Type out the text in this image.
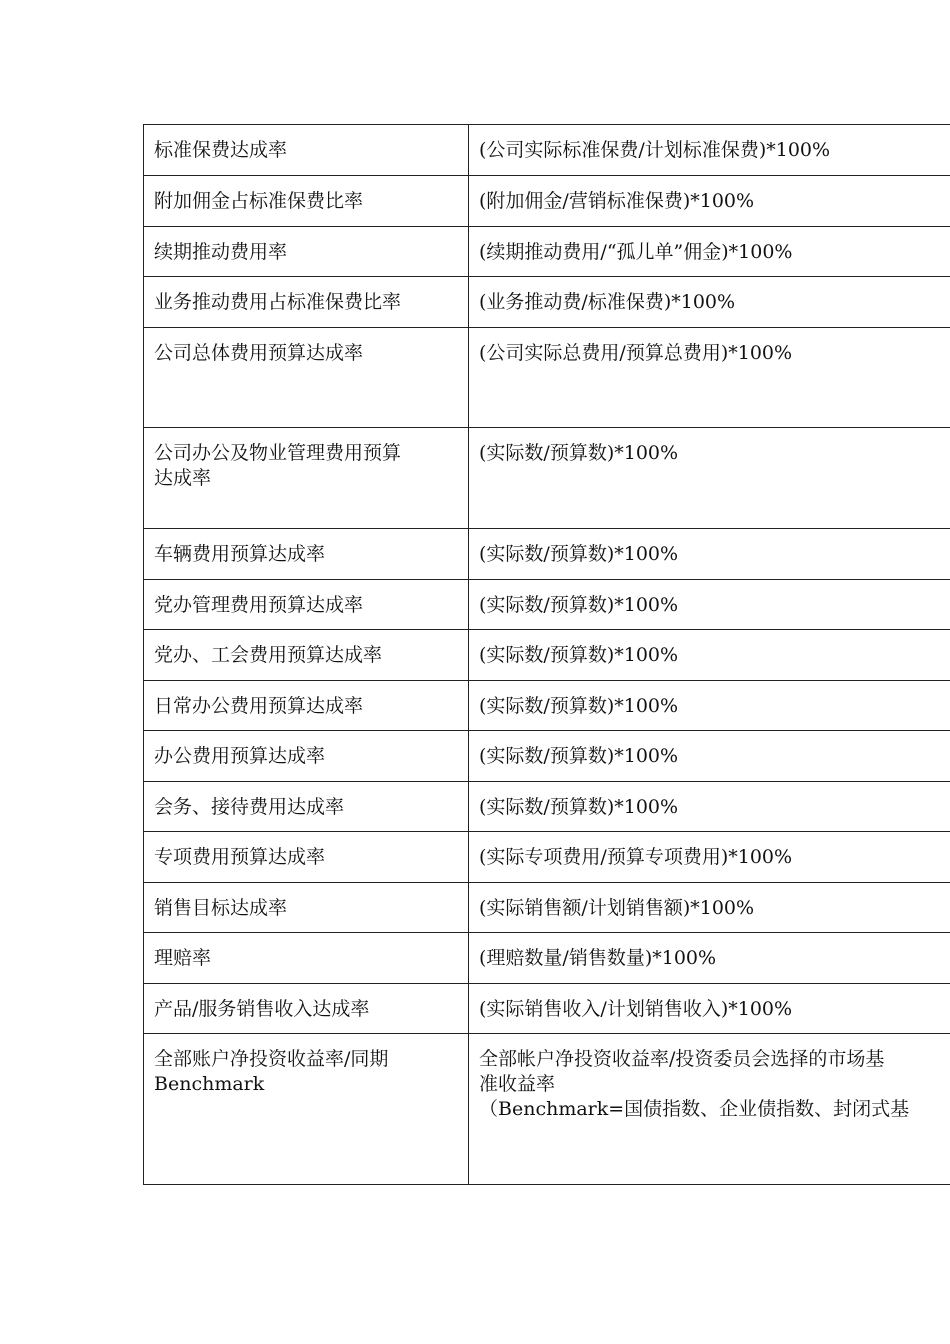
标准保费达成率	(公司实际标准保费/计划标准保费)*100%
附加佣金占标准保费比率	(附加佣金/营销标准保费)*100%
续期推动费用率	(续期推动费用/“孤儿单”佣金)*100%
业务推动费用占标准保费比率	(业务推动费/标准保费)*100%
公司总体费用预算达成率	(公司实际总费用/预算总费用)*100%

公司办公及物业管理费用预算
达成率	(实际数/预算数)*100%
车辆费用预算达成率	(实际数/预算数)*100%
党办管理费用预算达成率	(实际数/预算数)*100%
党办、工会费用预算达成率	(实际数/预算数)*100%
日常办公费用预算达成率	(实际数/预算数)*100%
办公费用预算达成率	(实际数/预算数)*100%
会务、接待费用达成率	(实际数/预算数)*100%
专项费用预算达成率	(实际专项费用/预算专项费用)*100%
销售目标达成率	(实际销售额/计划销售额)*100%
理赔率	(理赔数量/销售数量)*100%
产品/服务销售收入达成率	(实际销售收入/计划销售收入)*100%

全部账户净投资收益率/同期
Benchmark	全部帐户净投资收益率/投资委员会选择的市场基
准收益率
（Benchmark=国债指数、企业债指数、封闭式基
